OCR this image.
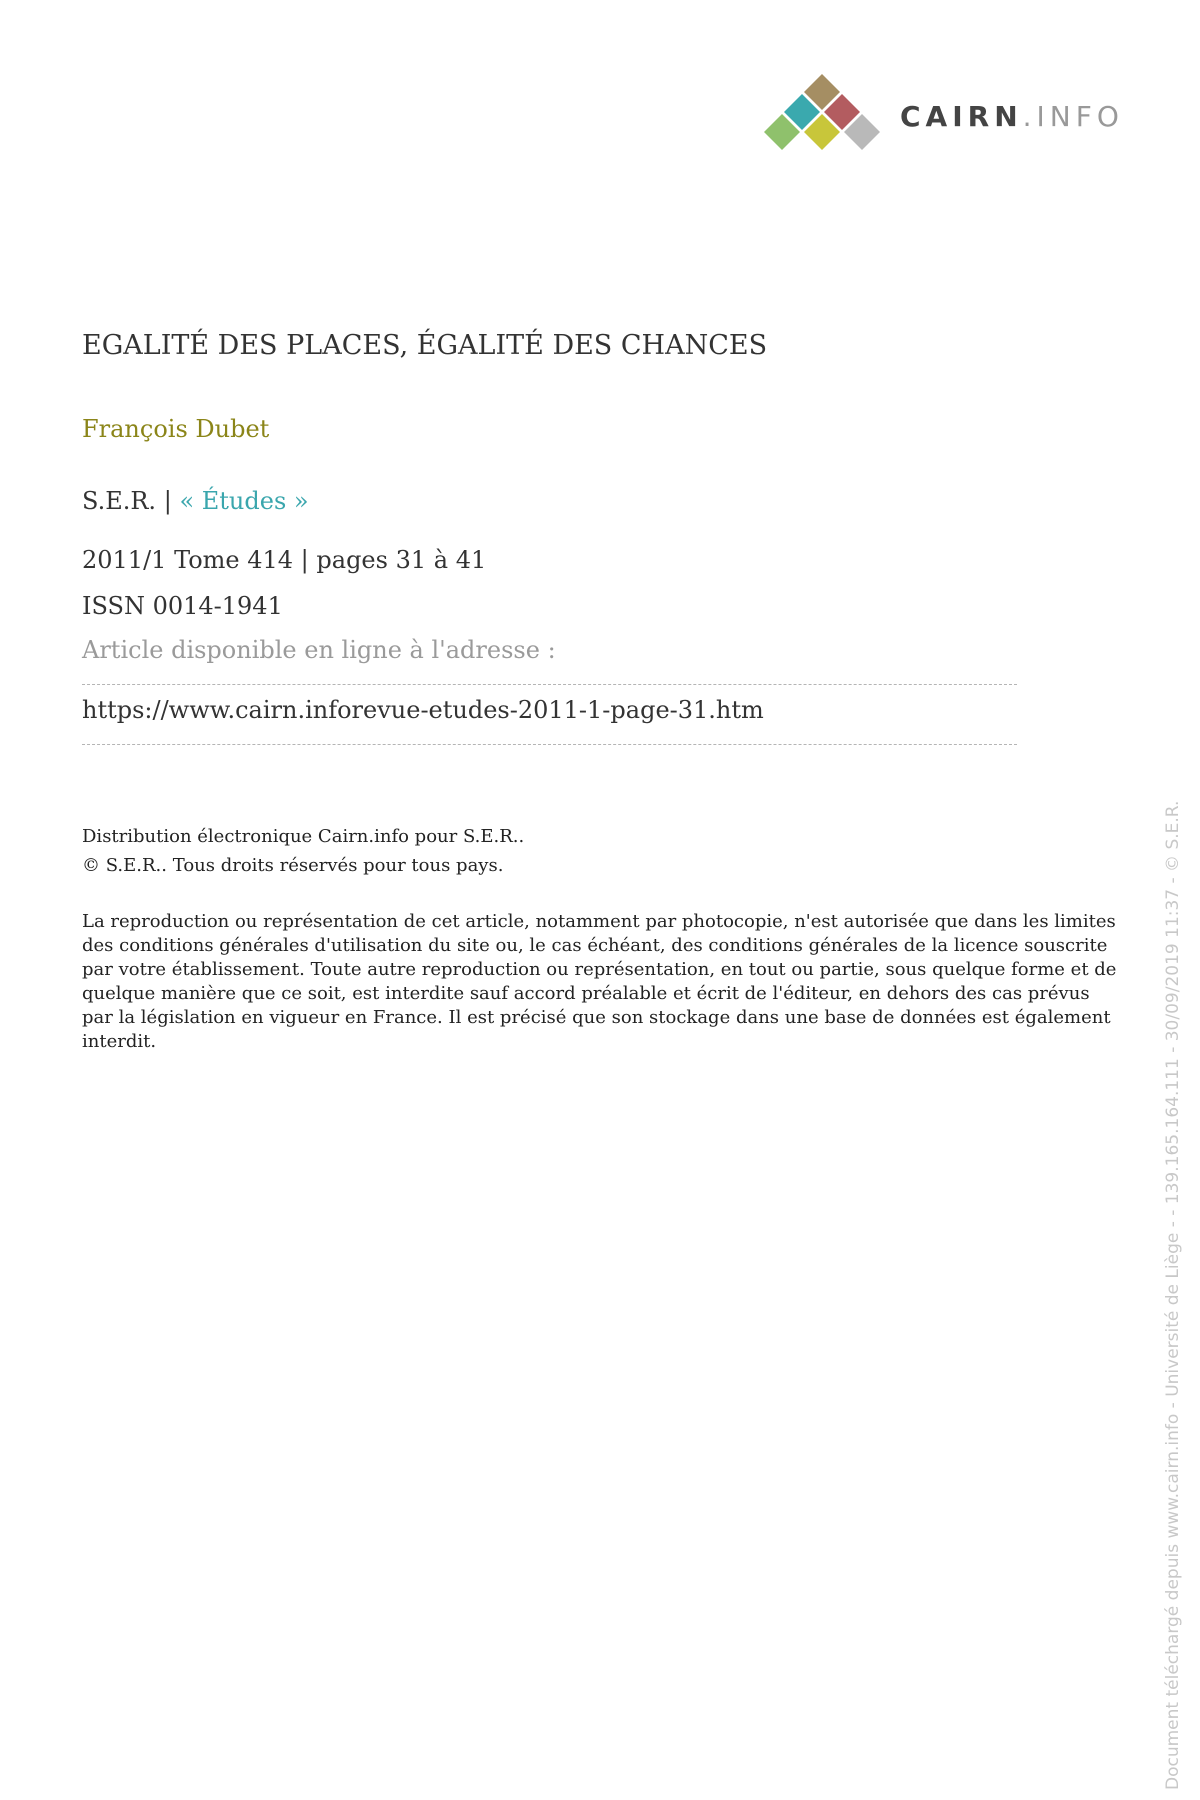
CAIRN.INFO
EGALITÉ DES PLACES, ÉGALITÉ DES CHANCES
François Dubet
S.E.R. | « Études »
2011/1 Tome 414 | pages 31 à 41
ISSN 0014-1941
Article disponible en ligne à l'adresse :
https://www.cairn.inforevue-etudes-2011-1-page-31.htm
Distribution électronique Cairn.info pour S.E.R..
© S.E.R.. Tous droits réservés pour tous pays.
La reproduction ou représentation de cet article, notamment par photocopie, n'est autorisée que dans les limites des conditions générales d'utilisation du site ou, le cas échéant, des conditions générales de la licence souscrite par votre établissement. Toute autre reproduction ou représentation, en tout ou partie, sous quelque forme et de quelque manière que ce soit, est interdite sauf accord préalable et écrit de l'éditeur, en dehors des cas prévus par la législation en vigueur en France. Il est précisé que son stockage dans une base de données est également interdit.	Document téléchargé depuis www.cairn.info - Université de Liège - - 139.165.164.111 - 30/09/2019 11:37 - © S.E.R.
